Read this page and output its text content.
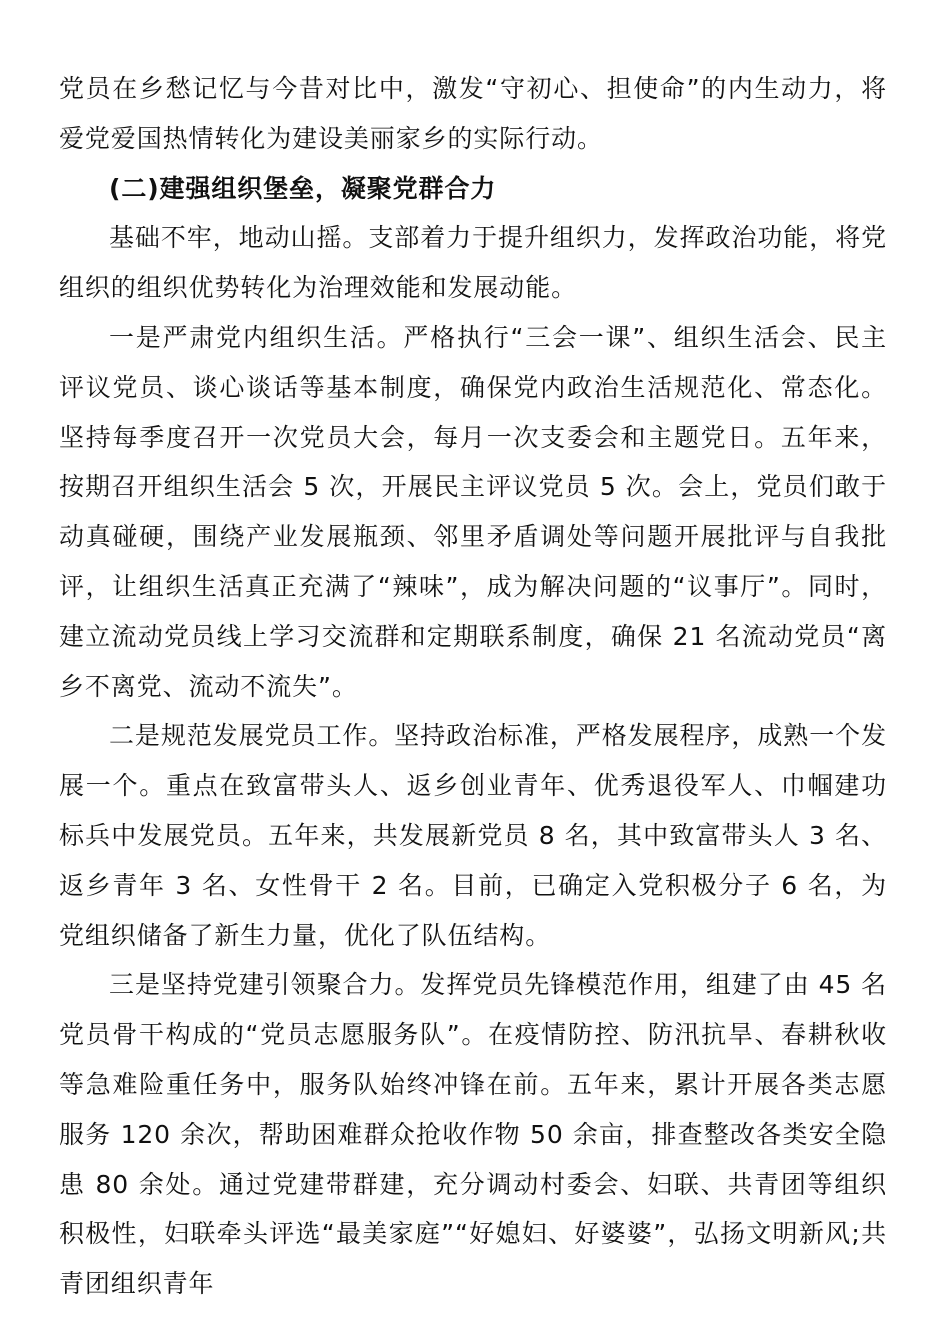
党员在乡愁记忆与今昔对比中，激发“守初心、担使命”的内生动力，将爱党爱国热情转化为建设美丽家乡的实际行动。

(二)建强组织堡垒，凝聚党群合力

基础不牢，地动山摇。支部着力于提升组织力，发挥政治功能，将党组织的组织优势转化为治理效能和发展动能。

一是严肃党内组织生活。严格执行“三会一课”、组织生活会、民主评议党员、谈心谈话等基本制度，确保党内政治生活规范化、常态化。坚持每季度召开一次党员大会，每月一次支委会和主题党日。五年来，按期召开组织生活会 5 次，开展民主评议党员 5 次。会上，党员们敢于动真碰硬，围绕产业发展瓶颈、邻里矛盾调处等问题开展批评与自我批评，让组织生活真正充满了“辣味”，成为解决问题的“议事厅”。同时，建立流动党员线上学习交流群和定期联系制度，确保 21 名流动党员“离乡不离党、流动不流失”。

二是规范发展党员工作。坚持政治标准，严格发展程序，成熟一个发展一个。重点在致富带头人、返乡创业青年、优秀退役军人、巾帼建功标兵中发展党员。五年来，共发展新党员 8 名，其中致富带头人 3 名、返乡青年 3 名、女性骨干 2 名。目前，已确定入党积极分子 6 名，为党组织储备了新生力量，优化了队伍结构。

三是坚持党建引领聚合力。发挥党员先锋模范作用，组建了由 45 名党员骨干构成的“党员志愿服务队”。在疫情防控、防汛抗旱、春耕秋收等急难险重任务中，服务队始终冲锋在前。五年来，累计开展各类志愿服务 120 余次，帮助困难群众抢收作物 50 余亩，排查整改各类安全隐患 80 余处。通过党建带群建，充分调动村委会、妇联、共青团等组织积极性，妇联牵头评选“最美家庭”“好媳妇、好婆婆”，弘扬文明新风;共青团组织青年
